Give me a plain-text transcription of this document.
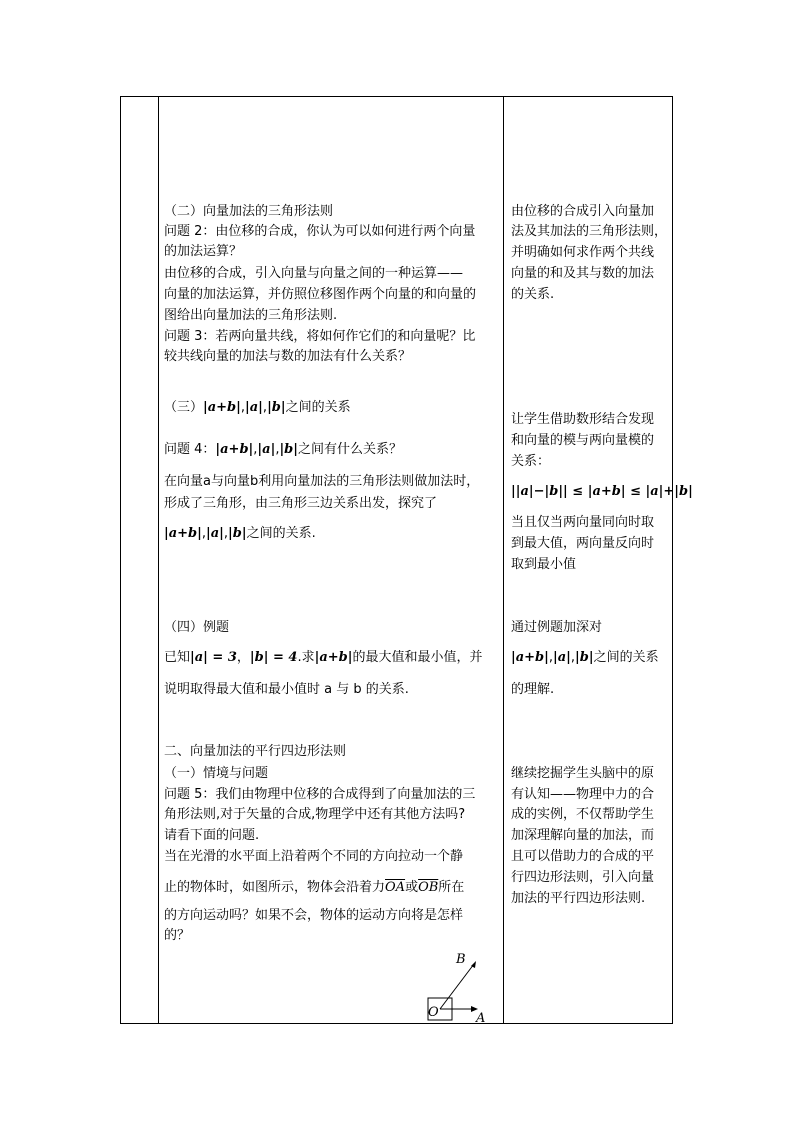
（二）向量加法的三角形法则
问题 2：由位移的合成，你认为可以如何进行两个向量
的加法运算？
由位移的合成，引入向量与向量之间的一种运算——
向量的加法运算，并仿照位移图作两个向量的和向量的
图给出向量加法的三角形法则.
问题 3：若两向量共线，将如何作它们的和向量呢？比
较共线向量的加法与数的加法有什么关系？
（三）|a+b|,|a|,|b|之间的关系
问题 4：|a+b|,|a|,|b|之间有什么关系？
在向量a与向量b利用向量加法的三角形法则做加法时，
形成了三角形，由三角形三边关系出发，探究了
|a+b|,|a|,|b|之间的关系.
（四）例题
已知|a| = 3，|b| = 4.求|a+b|的最大值和最小值，并
说明取得最大值和最小值时 a 与 b 的关系.
二、向量加法的平行四边形法则
（一）情境与问题
问题 5：我们由物理中位移的合成得到了向量加法的三
角形法则,对于矢量的合成,物理学中还有其他方法吗?
请看下面的问题.
当在光滑的水平面上沿着两个不同的方向拉动一个静
止的物体时，如图所示，物体会沿着力$\overline{OA}$或$\overline{OB}$所在
的方向运动吗？如果不会，物体的运动方向将是怎样
的？
B
O	A
由位移的合成引入向量加
法及其加法的三角形法则，
并明确如何求作两个共线
向量的和及其与数的加法
的关系.
让学生借助数形结合发现
和向量的模与两向量模的
关系：
||a|−|b|| ≤ |a+b| ≤ |a|+|b|
当且仅当两向量同向时取
到最大值，两向量反向时
取到最小值
通过例题加深对
|a+b|,|a|,|b|之间的关系
的理解.
继续挖掘学生头脑中的原
有认知——物理中力的合
成的实例，不仅帮助学生
加深理解向量的加法，而
且可以借助力的合成的平
行四边形法则，引入向量
加法的平行四边形法则.
